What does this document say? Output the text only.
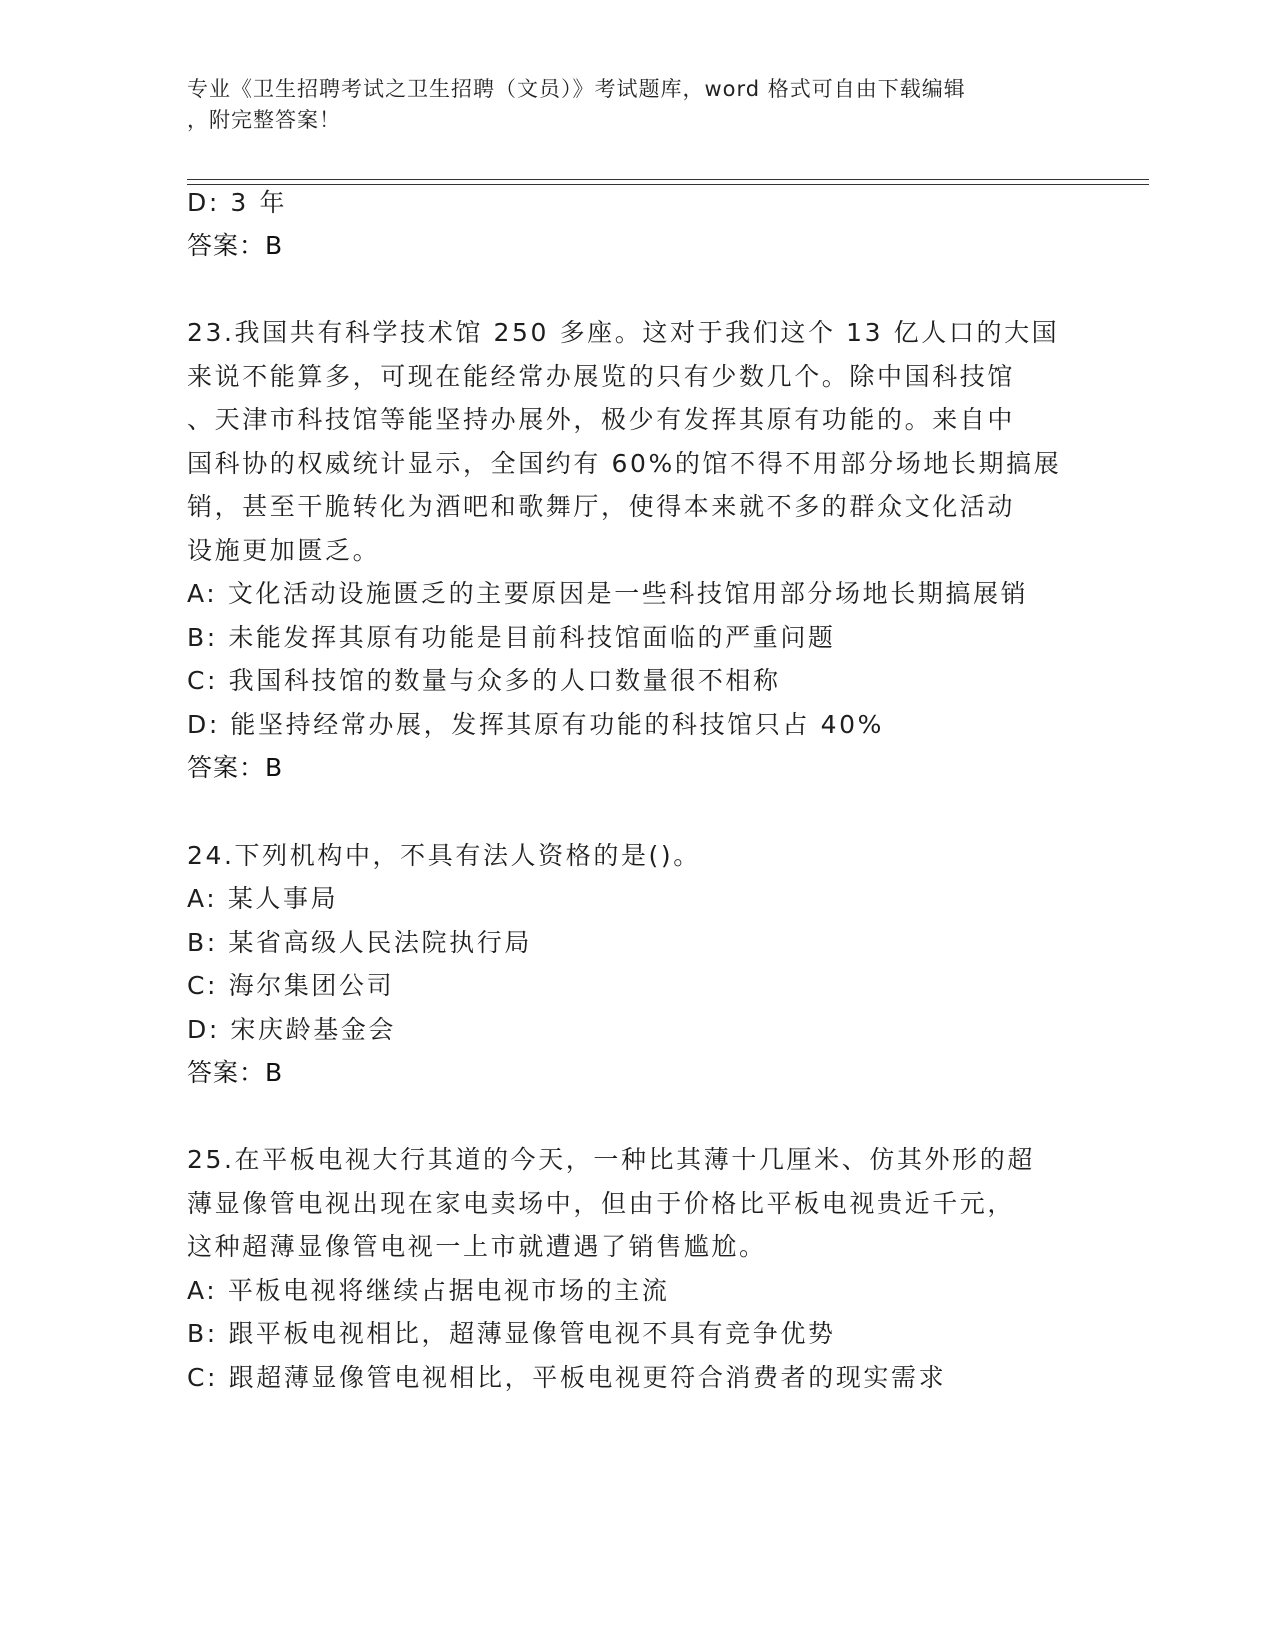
专业《卫生招聘考试之卫生招聘（文员）》考试题库，word 格式可自由下载编辑
，附完整答案！
D: 3 年
答案：B
23.我国共有科学技术馆 250 多座。这对于我们这个 13 亿人口的大国
来说不能算多，可现在能经常办展览的只有少数几个。除中国科技馆
、天津市科技馆等能坚持办展外，极少有发挥其原有功能的。来自中
国科协的权威统计显示，全国约有 60%的馆不得不用部分场地长期搞展
销，甚至干脆转化为酒吧和歌舞厅，使得本来就不多的群众文化活动
设施更加匮乏。
A: 文化活动设施匮乏的主要原因是一些科技馆用部分场地长期搞展销
B: 未能发挥其原有功能是目前科技馆面临的严重问题
C: 我国科技馆的数量与众多的人口数量很不相称
D: 能坚持经常办展，发挥其原有功能的科技馆只占 40%
答案：B
24.下列机构中，不具有法人资格的是()。
A: 某人事局
B: 某省高级人民法院执行局
C: 海尔集团公司
D: 宋庆龄基金会
答案：B
25.在平板电视大行其道的今天，一种比其薄十几厘米、仿其外形的超
薄显像管电视出现在家电卖场中，但由于价格比平板电视贵近千元，
这种超薄显像管电视一上市就遭遇了销售尴尬。
A: 平板电视将继续占据电视市场的主流
B: 跟平板电视相比，超薄显像管电视不具有竞争优势
C: 跟超薄显像管电视相比，平板电视更符合消费者的现实需求
